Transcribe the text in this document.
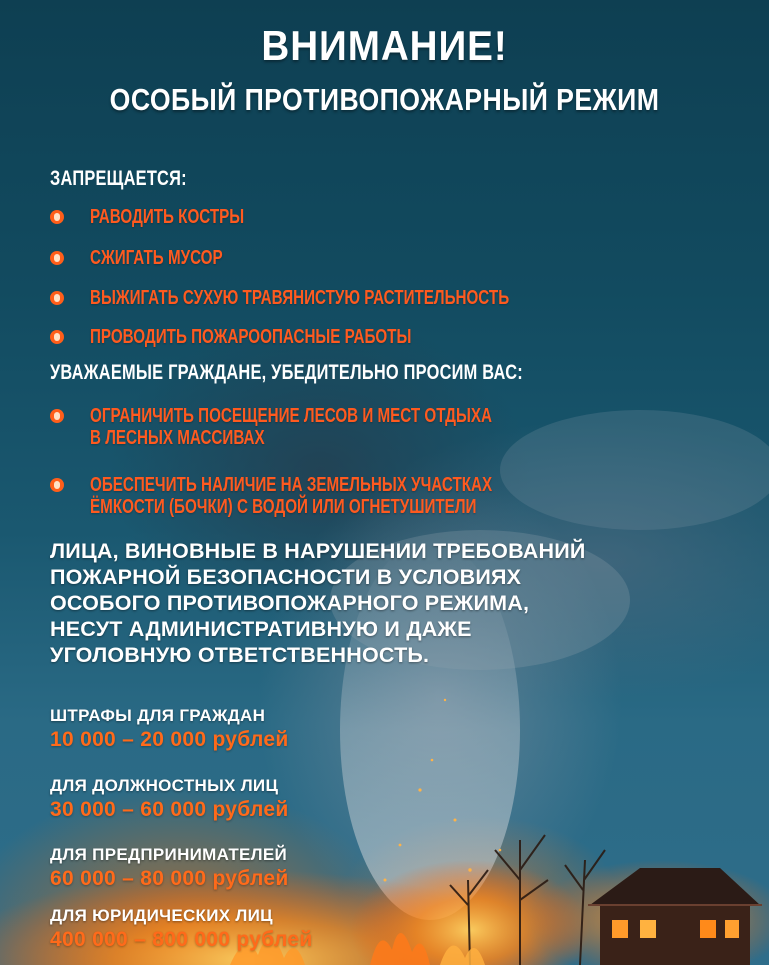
ВНИМАНИЕ!
ОСОБЫЙ ПРОТИВОПОЖАРНЫЙ РЕЖИМ
ЗАПРЕЩАЕТСЯ:
РАВОДИТЬ КОСТРЫ
СЖИГАТЬ МУСОР
ВЫЖИГАТЬ СУХУЮ ТРАВЯНИСТУЮ РАСТИТЕЛЬНОСТЬ
ПРОВОДИТЬ ПОЖАРООПАСНЫЕ РАБОТЫ
УВАЖАЕМЫЕ ГРАЖДАНЕ, УБЕДИТЕЛЬНО ПРОСИМ ВАС:
ОГРАНИЧИТЬ ПОСЕЩЕНИЕ ЛЕСОВ И МЕСТ ОТДЫХА
В ЛЕСНЫХ МАССИВАХ
ОБЕСПЕЧИТЬ НАЛИЧИЕ НА ЗЕМЕЛЬНЫХ УЧАСТКАХ
ЁМКОСТИ (БОЧКИ) С ВОДОЙ ИЛИ ОГНЕТУШИТЕЛИ
ЛИЦА, ВИНОВНЫЕ В НАРУШЕНИИ ТРЕБОВАНИЙ
ПОЖАРНОЙ БЕЗОПАСНОСТИ В УСЛОВИЯХ
ОСОБОГО ПРОТИВОПОЖАРНОГО РЕЖИМА,
НЕСУТ АДМИНИСТРАТИВНУЮ И ДАЖЕ
УГОЛОВНУЮ ОТВЕТСТВЕННОСТЬ.
ШТРАФЫ ДЛЯ ГРАЖДАН
10 000 – 20 000 рублей
ДЛЯ ДОЛЖНОСТНЫХ ЛИЦ
30 000 – 60 000 рублей
ДЛЯ ПРЕДПРИНИМАТЕЛЕЙ
60 000 – 80 000 рублей
ДЛЯ ЮРИДИЧЕСКИХ ЛИЦ
400 000 – 800 000 рублей
